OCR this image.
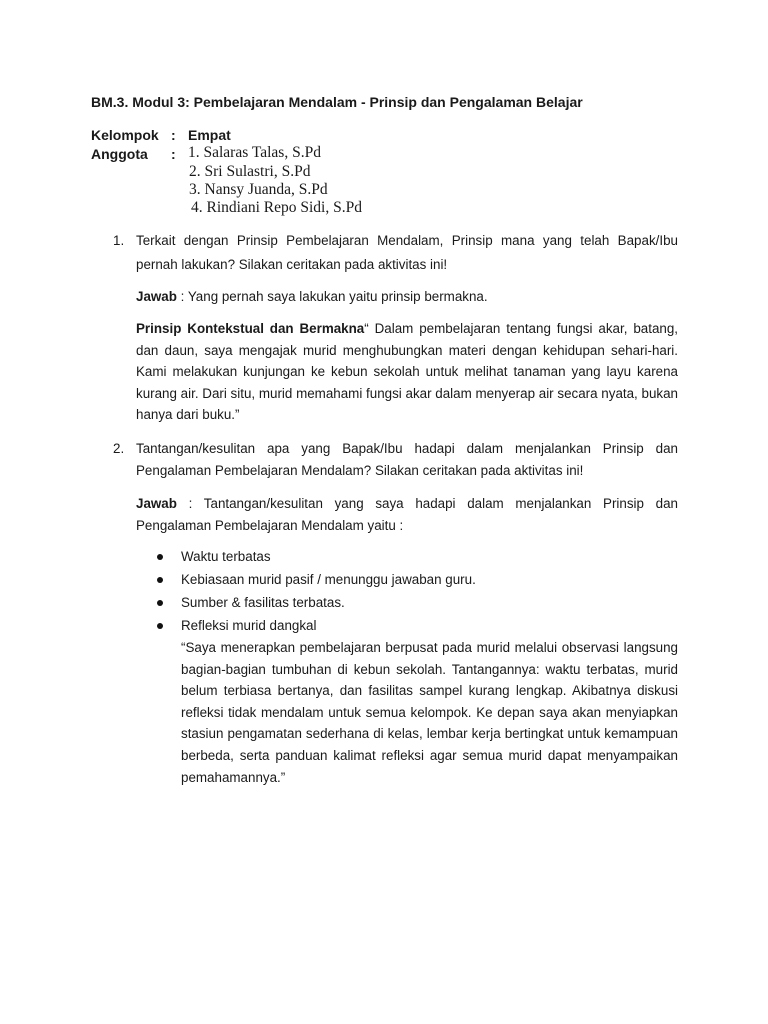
BM.3. Modul 3: Pembelajaran Mendalam - Prinsip dan Pengalaman Belajar
Kelompok : Empat
Anggota	: 1. Salaras Talas, S.Pd
2. Sri Sulastri, S.Pd
3. Nansy Juanda, S.Pd
4. Rindiani Repo Sidi, S.Pd
1. Terkait dengan Prinsip Pembelajaran Mendalam, Prinsip mana yang telah Bapak/Ibu
pernah lakukan? Silakan ceritakan pada aktivitas ini!
Jawab : Yang pernah saya lakukan yaitu prinsip bermakna.
Prinsip Kontekstual dan Bermakna“ Dalam pembelajaran tentang fungsi akar, batang, dan daun, saya mengajak murid menghubungkan materi dengan kehidupan sehari-hari. Kami melakukan kunjungan ke kebun sekolah untuk melihat tanaman yang layu karena kurang air. Dari situ, murid memahami fungsi akar dalam menyerap air secara nyata, bukan hanya dari buku.”
2. Tantangan/kesulitan apa yang Bapak/Ibu hadapi dalam menjalankan Prinsip dan
Pengalaman Pembelajaran Mendalam? Silakan ceritakan pada aktivitas ini!
Jawab : Tantangan/kesulitan yang saya hadapi dalam menjalankan Prinsip dan Pengalaman Pembelajaran Mendalam yaitu :
Waktu terbatas
Kebiasaan murid pasif / menunggu jawaban guru.
Sumber & fasilitas terbatas.
Refleksi murid dangkal
“Saya menerapkan pembelajaran berpusat pada murid melalui observasi langsung bagian-bagian tumbuhan di kebun sekolah. Tantangannya: waktu terbatas, murid belum terbiasa bertanya, dan fasilitas sampel kurang lengkap. Akibatnya diskusi refleksi tidak mendalam untuk semua kelompok. Ke depan saya akan menyiapkan stasiun pengamatan sederhana di kelas, lembar kerja bertingkat untuk kemampuan berbeda, serta panduan kalimat refleksi agar semua murid dapat menyampaikan pemahamannya.”
